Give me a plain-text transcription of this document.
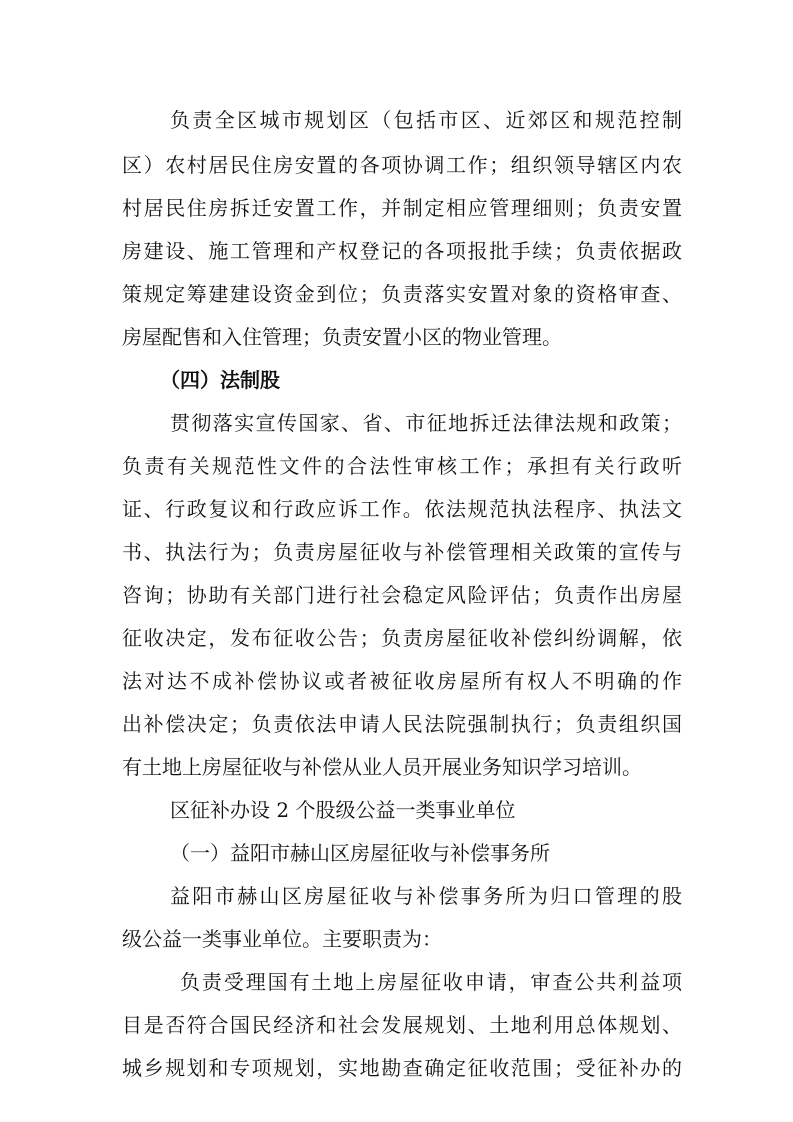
负责全区城市规划区（包括市区、近郊区和规范控制
区）农村居民住房安置的各项协调工作；组织领导辖区内农
村居民住房拆迁安置工作，并制定相应管理细则；负责安置
房建设、施工管理和产权登记的各项报批手续；负责依据政
策规定筹建建设资金到位；负责落实安置对象的资格审查、
房屋配售和入住管理；负责安置小区的物业管理。
（四）法制股
贯彻落实宣传国家、省、市征地拆迁法律法规和政策；
负责有关规范性文件的合法性审核工作；承担有关行政听
证、行政复议和行政应诉工作。依法规范执法程序、执法文
书、执法行为；负责房屋征收与补偿管理相关政策的宣传与
咨询；协助有关部门进行社会稳定风险评估；负责作出房屋
征收决定，发布征收公告；负责房屋征收补偿纠纷调解，依
法对达不成补偿协议或者被征收房屋所有权人不明确的作
出补偿决定；负责依法申请人民法院强制执行；负责组织国
有土地上房屋征收与补偿从业人员开展业务知识学习培训。
区征补办设 2 个股级公益一类事业单位
（一）益阳市赫山区房屋征收与补偿事务所
益阳市赫山区房屋征收与补偿事务所为归口管理的股
级公益一类事业单位。主要职责为：
负责受理国有土地上房屋征收申请，审查公共利益项
目是否符合国民经济和社会发展规划、土地利用总体规划、
城乡规划和专项规划，实地勘查确定征收范围；受征补办的
